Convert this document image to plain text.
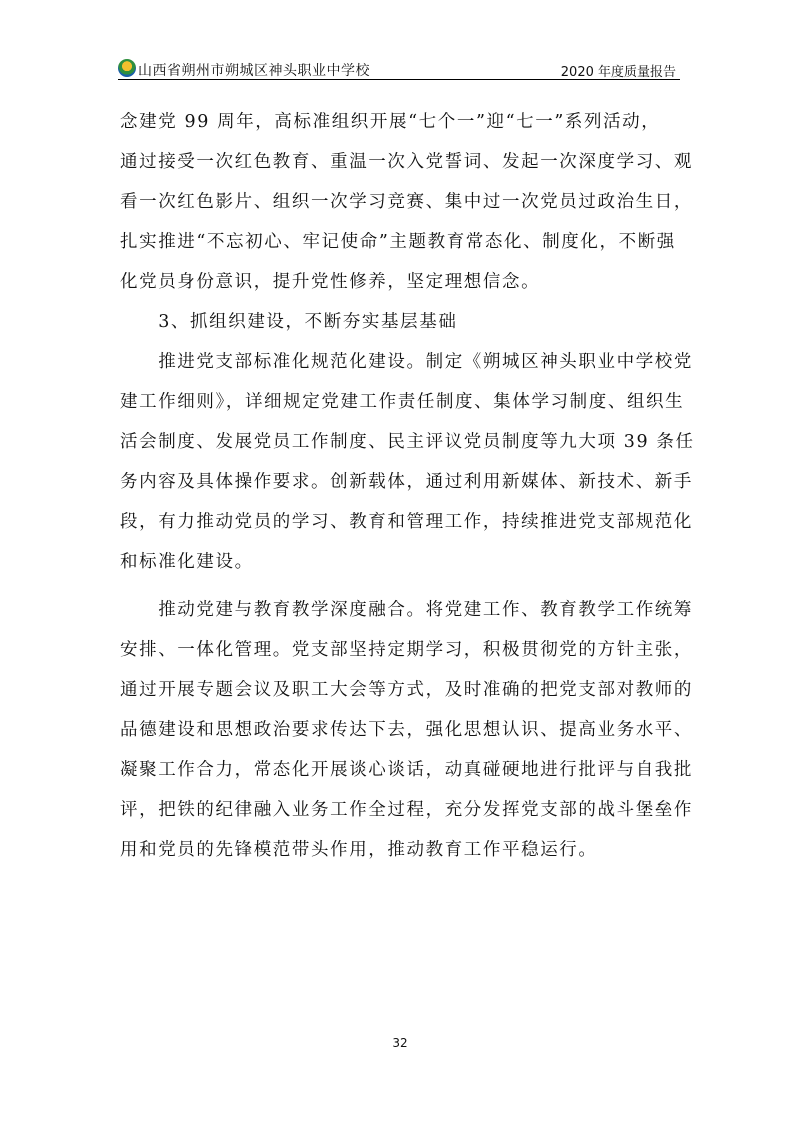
山西省朔州市朔城区神头职业中学校	2020 年度质量报告
念建党 99 周年，高标准组织开展“七个一”迎“七一”系列活动，
通过接受一次红色教育、重温一次入党誓词、发起一次深度学习、观
看一次红色影片、组织一次学习竞赛、集中过一次党员过政治生日，
扎实推进“不忘初心、牢记使命”主题教育常态化、制度化，不断强
化党员身份意识，提升党性修养，坚定理想信念。
　　3、抓组织建设，不断夯实基层基础
　　推进党支部标准化规范化建设。制定《朔城区神头职业中学校党
建工作细则》，详细规定党建工作责任制度、集体学习制度、组织生
活会制度、发展党员工作制度、民主评议党员制度等九大项 39 条任
务内容及具体操作要求。创新载体，通过利用新媒体、新技术、新手
段，有力推动党员的学习、教育和管理工作，持续推进党支部规范化
和标准化建设。
　　推动党建与教育教学深度融合。将党建工作、教育教学工作统筹
安排、一体化管理。党支部坚持定期学习，积极贯彻党的方针主张，
通过开展专题会议及职工大会等方式，及时准确的把党支部对教师的
品德建设和思想政治要求传达下去，强化思想认识、提高业务水平、
凝聚工作合力，常态化开展谈心谈话，动真碰硬地进行批评与自我批
评，把铁的纪律融入业务工作全过程，充分发挥党支部的战斗堡垒作
用和党员的先锋模范带头作用，推动教育工作平稳运行。
32
